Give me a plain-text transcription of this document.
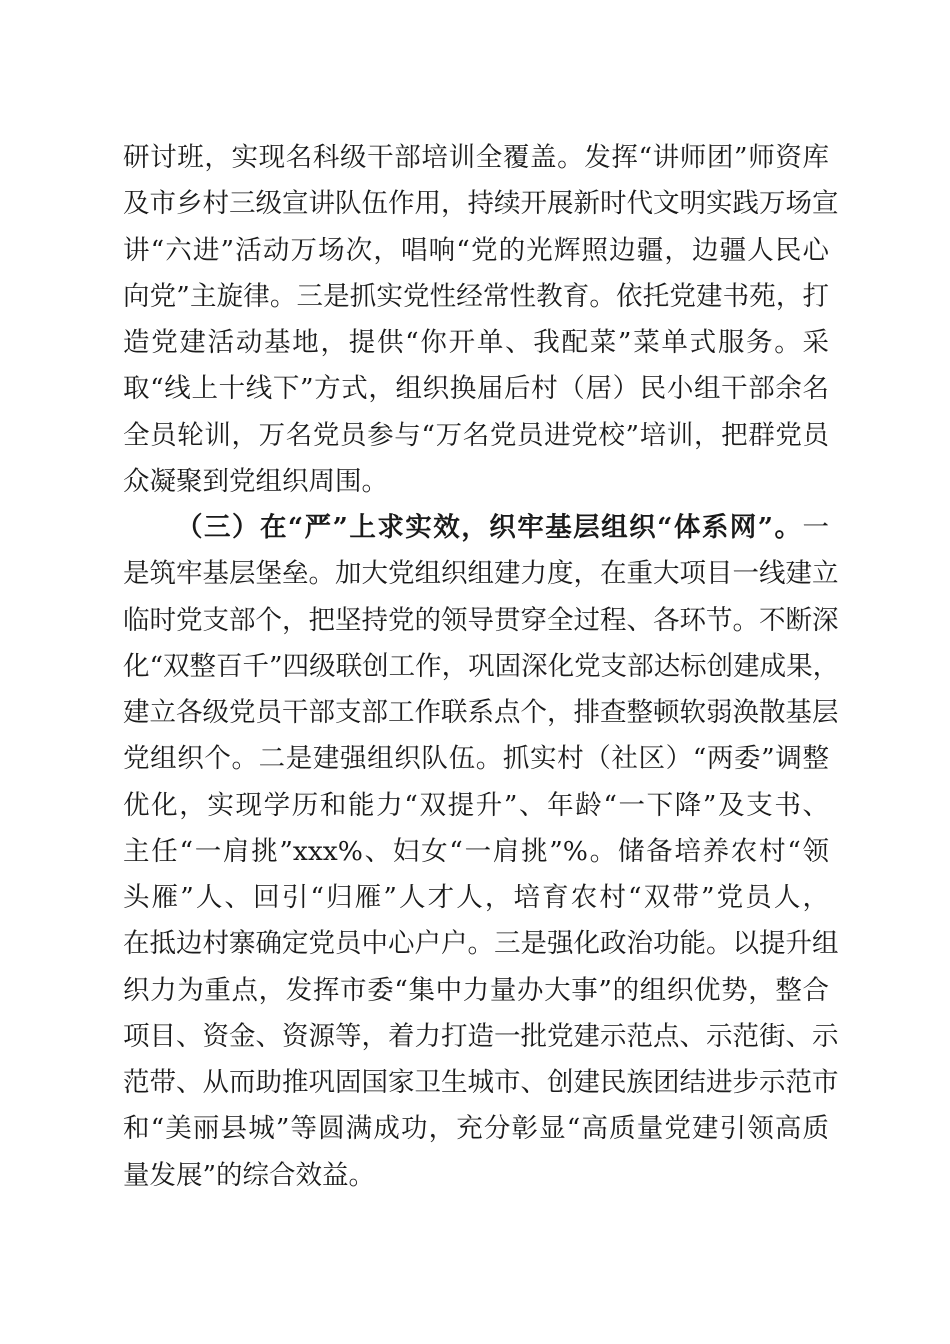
研讨班，实现名科级干部培训全覆盖。发挥“讲师团”师资库
及市乡村三级宣讲队伍作用，持续开展新时代文明实践万场宣
讲“六进”活动万场次，唱响“党的光辉照边疆，边疆人民心
向党”主旋律。三是抓实党性经常性教育。依托党建书苑，打
造党建活动基地，提供“你开单、我配菜”菜单式服务。采
取“线上十线下”方式，组织换届后村（居）民小组干部余名
全员轮训，万名党员参与“万名党员进党校”培训，把群党员
众凝聚到党组织周围。
（三）在“严”上求实效，织牢基层组织“体系网”。一
是筑牢基层堡垒。加大党组织组建力度，在重大项目一线建立
临时党支部个，把坚持党的领导贯穿全过程、各环节。不断深
化“双整百千”四级联创工作，巩固深化党支部达标创建成果，
建立各级党员干部支部工作联系点个，排查整顿软弱涣散基层
党组织个。二是建强组织队伍。抓实村（社区）“两委”调整
优化，实现学历和能力“双提升”、年龄“一下降”及支书、
主任“一肩挑”xxx%、妇女“一肩挑”%。储备培养农村“领
头雁”人、回引“归雁”人才人，培育农村“双带”党员人，
在抵边村寨确定党员中心户户。三是强化政治功能。以提升组
织力为重点，发挥市委“集中力量办大事”的组织优势，整合
项目、资金、资源等，着力打造一批党建示范点、示范街、示
范带、从而助推巩固国家卫生城市、创建民族团结进步示范市
和“美丽县城”等圆满成功，充分彰显“高质量党建引领高质
量发展”的综合效益。
